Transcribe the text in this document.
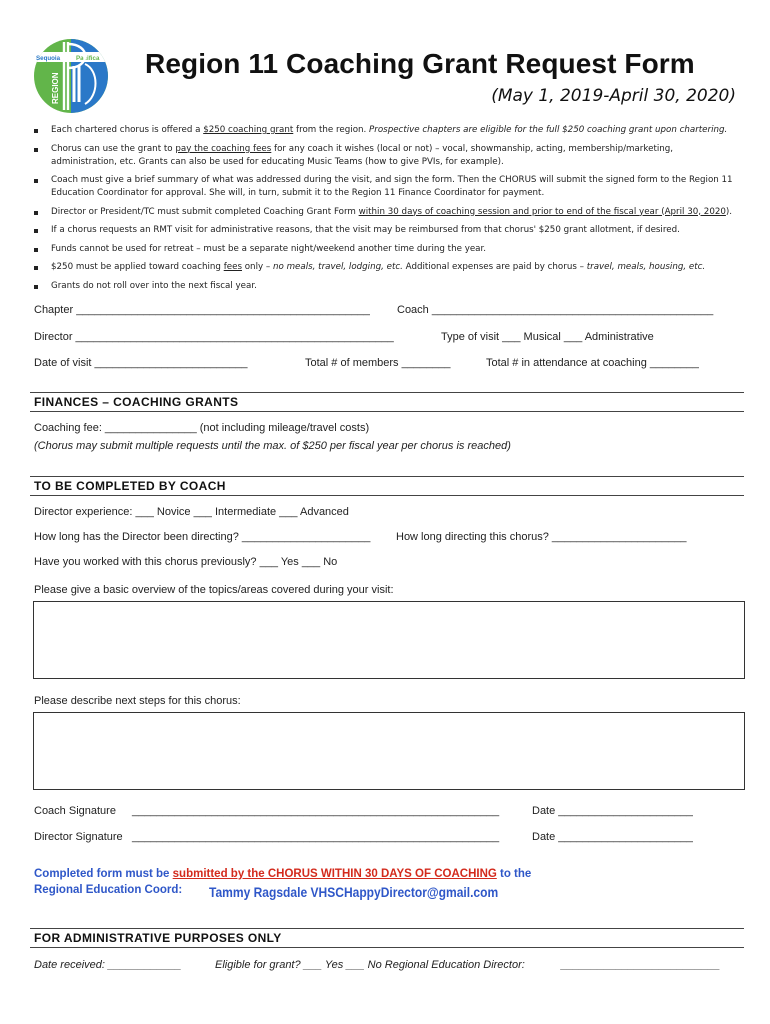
Sequoia	Pacifica
REGION
Region 11 Coaching Grant Request Form
(May 1, 2019-April 30, 2020)
Each chartered chorus is offered a $250 coaching grant from the region. Prospective chapters are eligible for the full $250 coaching grant upon chartering.
Chorus can use the grant to pay the coaching fees for any coach it wishes (local or not) – vocal, showmanship, acting, membership/marketing, administration, etc. Grants can also be used for educating Music Teams (how to give PVIs, for example).
Coach must give a brief summary of what was addressed during the visit, and sign the form. Then the CHORUS will submit the signed form to the Region 11 Education Coordinator for approval. She will, in turn, submit it to the Region 11 Finance Coordinator for payment.
Director or President/TC must submit completed Coaching Grant Form within 30 days of coaching session and prior to end of the fiscal year (April 30, 2020).
If a chorus requests an RMT visit for administrative reasons, that the visit may be reimbursed from that chorus' $250 grant allotment, if desired.
Funds cannot be used for retreat – must be a separate night/weekend another time during the year.
$250 must be applied toward coaching fees only – no meals, travel, lodging, etc. Additional expenses are paid by chorus – travel, meals, housing, etc.
Grants do not roll over into the next fiscal year.
Chapter ________________________________________________ Coach ______________________________________________
Director ____________________________________________________	Type of visit ___ Musical ___ Administrative
Date of visit _________________________	Total # of members ________	Total # in attendance at coaching ________
FINANCES – COACHING GRANTS
Coaching fee: _______________ (not including mileage/travel costs)
(Chorus may submit multiple requests until the max. of $250 per fiscal year per chorus is reached)
TO BE COMPLETED BY COACH
Director experience: ___ Novice ___ Intermediate ___ Advanced
How long has the Director been directing? _____________________ How long directing this chorus? ______________________
Have you worked with this chorus previously? ___ Yes ___ No
Please give a basic overview of the topics/areas covered during your visit:
Please describe next steps for this chorus:
Coach Signature ____________________________________________________________	Date ______________________
Director Signature ____________________________________________________________	Date ______________________
Completed form must be submitted by the CHORUS WITHIN 30 DAYS OF COACHING to the
Regional Education Coord: Tammy Ragsdale VHSCHappyDirector@gmail.com
FOR ADMINISTRATIVE PURPOSES ONLY
Date received: ____________	Eligible for grant? ___ Yes ___ No Regional Education Director:	__________________________
